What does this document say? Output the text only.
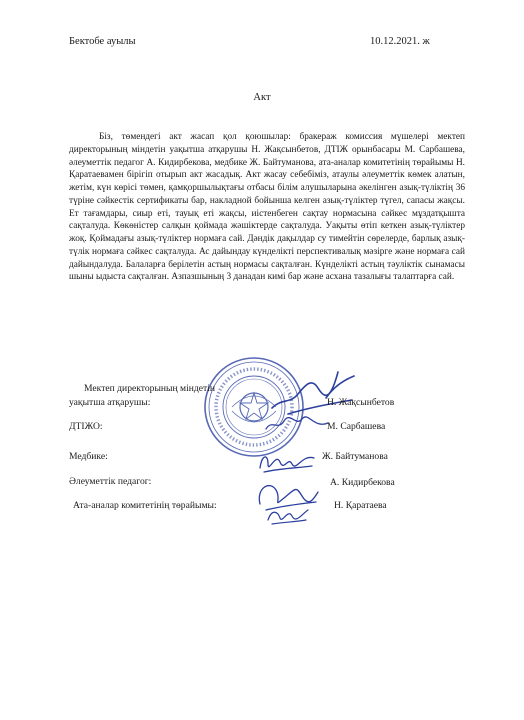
Бектобе ауылы	10.12.2021. ж
Акт

Біз, төмендегі акт жасап қол қоюшылар: бракераж комиссия мүшелері мектеп директорының міндетін уақытша атқарушы Н. Жақсынбетов, ДТІЖ орынбасары М. Сарбашева, әлеуметтік педагог А. Кидирбекова, медбике Ж. Байтуманова, ата-аналар комитетінің төрайымы Н. Қаратаевамен бірігіп отырып акт жасадық. Акт жасау себебіміз, атаулы әлеуметтік көмек алатын, жетім, күн көрісі төмен, қамқоршылықтағы отбасы білім алушыларына әкелінген азық-түліктің 36 түріне сәйкестік сертификаты бар, накладной бойынша келген азық-түліктер түгел, сапасы жақсы. Ет тағамдары, сиыр еті, тауық еті жақсы, иістенбеген сақтау нормасына сәйкес мұздатқышта сақталуда. Көкөністер салқын қоймада жәшіктерде сақталуда. Уақыты өтіп кеткен азық-түліктер жоқ. Қоймадағы азық-түліктер нормаға сай. Дәндік дақылдар су тимейтін сөрелерде, барлық азық-түлік нормаға сәйкес сақталуда. Ас дайындау күнделікті перспективалық мәзірге және нормаға сай дайындалуда. Балаларға берілетін астың нормасы сақталған. Күнделікті астың тәуліктік сынамасы шыны ыдыста сақталған. Азпазшының 3 данадан кимі бар және асхана тазалығы талаптарға сай.

Мектеп директорының міндетін
уақытша атқарушы:	Н. Жақсынбетов
ДТІЖО:	М. Сарбашева
Медбике:	Ж. Байтуманова
Әлеуметтік педагог:	А. Кидирбекова
Ата-аналар комитетінің төрайымы:	Н. Қаратаева
